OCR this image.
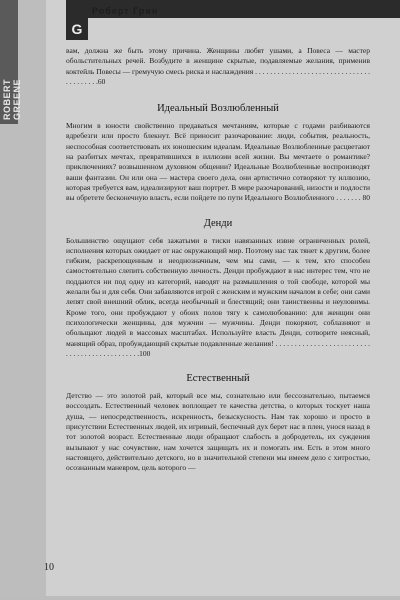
ROBERT GREENE
G
Роберт Грин

вам, должна же быть этому причина. Женщины любят ушами, а Повеса — мастер обольстительных речей. Возбудите в женщине скрытые, подавляемые желания, применив коктейль Повесы — гремучую смесь риска и наслаждения . . . . . . . . . . . . . . . . . . . . . . . . . . . . . . . . . . . . . . . .60

Идеальный Возлюбленный

Многим в юности свойственно предаваться мечтаниям, которые с годами разбиваются вдребезги или просто блекнут. Всё приносит разочарование: люди, события, реальность, неспособная соответствовать их юношеским идеалам. Идеальные Возлюбленные расцветают на разбитых мечтах, превратившихся в иллюзии всей жизни. Вы мечтаете о романтике? приключениях? возвышенном духовном общении? Идеальные Возлюбленные воспроизводят ваши фантазии. Он или она — мастера своего дела, они артистично сотворяют ту иллюзию, которая требуется вам, идеализируют ваш портрет. В мире разочарований, низости и подлости вы обретете бесконечную власть, если пойдете по пути Идеального Возлюбленного . . . . . . . 80

Денди

Большинство ощущают себя зажатыми в тиски навязанных извне ограниченных ролей, исполнения которых ожидает от нас окружающий мир. Поэтому нас так тянет к другим, более гибким, раскрепощенным и неоднозначным, чем мы сами, — к тем, кто способен самостоятельно слепить собственную личность. Денди пробуждают в нас интерес тем, что не поддаются ни под одну из категорий, наводят на размышления о той свободе, которой мы желали бы и для себя. Они забавляются игрой с женским и мужским началом в себе; они сами лепят свой внешний облик, всегда необычный и блестящий; они таинственны и неуловимы. Кроме того, они пробуждают у обоих полов тягу к самолюбованию: для женщин они психологически женщины, для мужчин — мужчины. Денди покоряют, соблазняют и обольщают людей в массовых масштабах. Используйте власть Денди, сотворите неясный, манящий образ, пробуждающий скрытые подавленные желания! . . . . . . . . . . . . . . . . . . . . . . . . . . . . . . . . . . . . . . . . . . . . .100

Естественный

Детство — это золотой рай, который все мы, сознательно или бессознательно, пытаемся воссоздать. Естественный человек воплощает те качества детства, о которых тоскует наша душа, — непосредственность, искренность, безыскусность. Нам так хорошо и просто в присутствии Естественных людей, их игривый, беспечный дух берет нас в плен, унося назад в тот золотой возраст. Естественные люди обращают слабость в добродетель, их суждения вызывают у нас сочувствие, нам хочется защищать их и помогать им. Есть в этом много настоящего, действительно детского, но в значительной степени мы имеем дело с хитростью, осознанным маневром, цель которого —

10
